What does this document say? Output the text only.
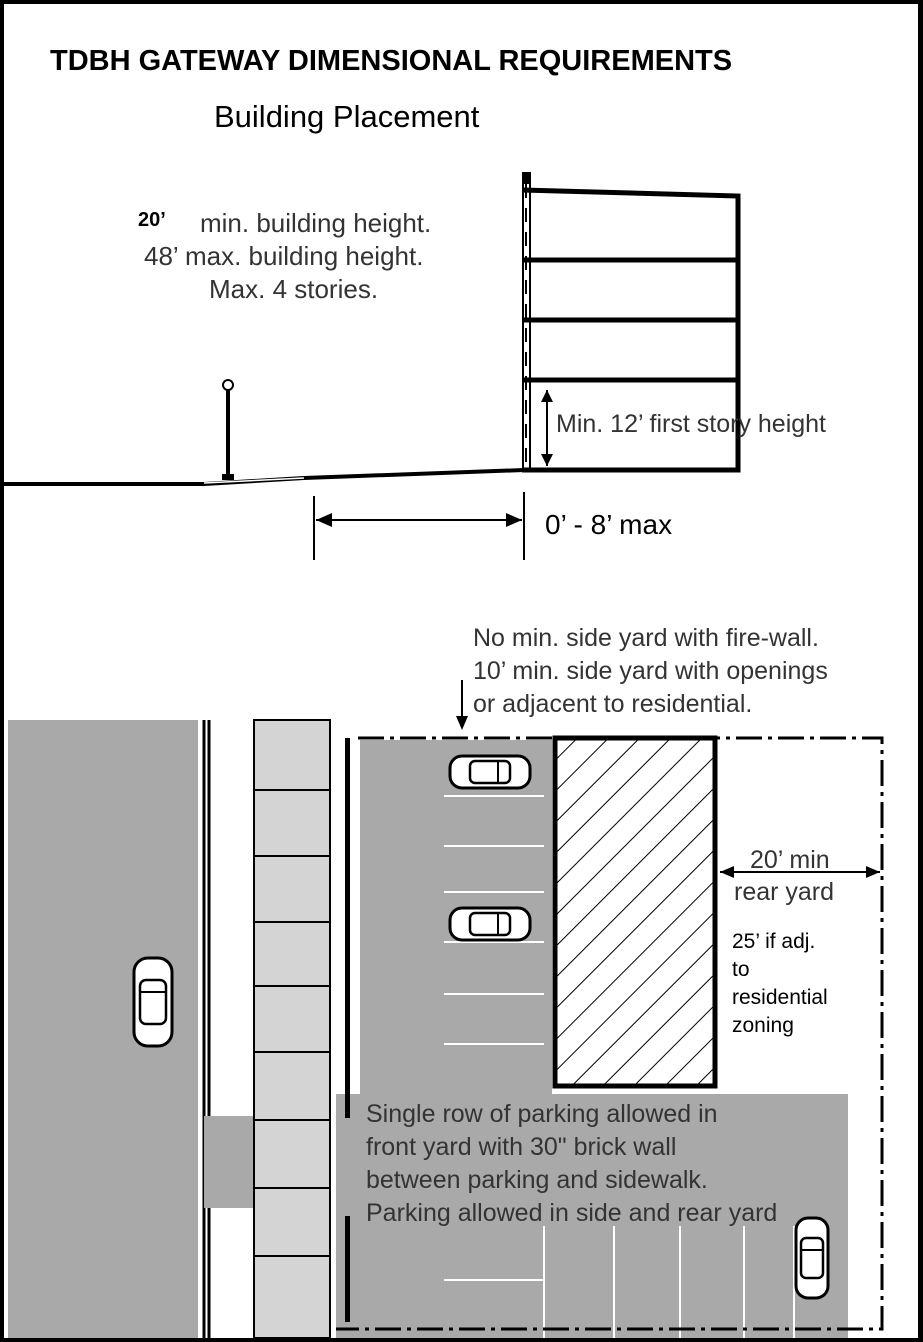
TDBH GATEWAY DIMENSIONAL REQUIREMENTS
Building Placement
Min. 12’ first story height
20’ min. building height.
48’ max. building height.
Max. 4 stories.
0’ - 8’ max
No min. side yard with fire-wall.
10’ min. side yard with openings
or adjacent to residential.
20’ min
rear yard
25’ if adj.
to
residential
zoning
Single row of parking allowed in
front yard with 30" brick wall
between parking and sidewalk.
Parking allowed in side and rear yard
